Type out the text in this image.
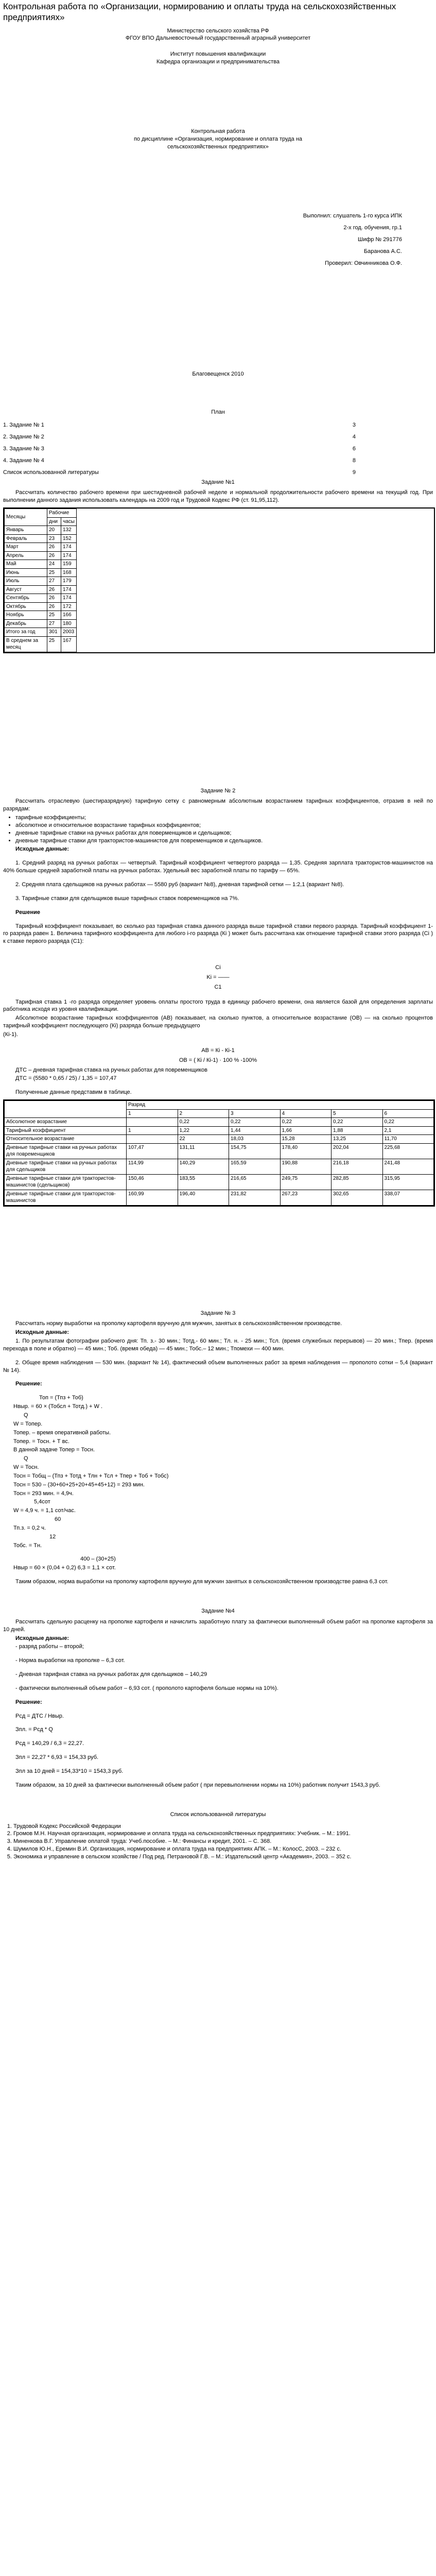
Контрольная работа по «Организации, нормированию и оплаты труда на сельскохозяйственных предприятиях»
Министерство сельского хозяйства РФ
ФГОУ ВПО Дальневосточный государственный аграрный университет
Институт повышения квалификации
Кафедра организации и предпринимательства
Контрольная работа
по дисциплине «Организация, нормирование и оплата труда на
сельскохозяйственных предприятиях»
Выполнил: слушатель 1-го курса ИПК
2-х год. обучения, гр.1
Шифр № 291776
Баранова А.С.
Проверил: Овчинникова О.Ф.
Благовещенск 2010
План
1. Задание № 1	3
2. Задание № 2	4
3. Задание № 3	6
4. Задание № 4	8
Список использованной литературы	9
Задание №1

Рассчитать количество рабочего времени при шестидневной рабочей неделе и нормальной продолжительности рабочего времени на текущий год. При выполнении данного задания использовать календарь на 2009 год и Трудовой Кодекс РФ (ст. 91,95,112).

Месяцы	Рабочие	
	дни	часы
Январь	20	132
Февраль	23	152
Март	26	174
Апрель	26	174
Май	24	159
Июнь	25	168
Июль	27	179
Август	26	174
Сентябрь	26	174
Октябрь	26	172
Ноябрь	25	166
Декабрь	27	180
Итого за год	301	2003
В среднем за месяц	25	167
Задание № 2

Рассчитать отраслевую (шестиразрядную) тарифную сетку с равномерным абсолютным возрастанием тарифных коэффициентов, отразив в ней по разрядам:

• тарифные коэффициенты;
• абсолютное и относительное возрастание тарифных коэффициентов;
• дневные тарифные ставки на ручных работах для поверменщиков и сдельщиков;
• дневные тарифные ставки для трактористов-машинистов для повременщиков и сдельщиков.

Исходные данные:

1. Средний разряд на ручных работах — четвертый. Тарифный коэффициент четвертого разряда — 1,35. Средняя зарплата трактористов-машинистов на 40% больше средней заработной платы на ручных работах. Удельный вес заработной платы по тарифу — 65%.

2. Средняя плата сдельщиков на ручных работах — 5580 руб (вариант №8), дневная тарифной сетки — 1:2,1 (вариант №8).

3. Тарифные ставки для сдельщиков выше тарифных ставок повременщиков на 7%.

Решение

Тарифный коэффициент показывает, во сколько раз тарифная ставка данного разряда выше тарифной ставки первого разряда. Тарифный коэффициент 1-го разряда равен 1. Величина тарифного коэффициента для любого i-го разряда (Кi ) может быть рассчитана как отношение тарифной ставки этого разряда (Сi ) к ставке первого разряда (С1):

Ci
Ki = ——
C1

Тарифная ставка 1 -го разряда определяет уровень оплаты простого труда в единицу рабочего времени, она является базой для определения зарплаты работника исходя из уровня квалификации.

Абсолютное возрастание тарифных коэффициентов (АВ) показывает, на сколько пунктов, а относительное возрастание (ОВ) — на сколько процентов тарифный коэффициент последующего (Кi) разряда больше предыдущего

(Кi-1).

АВ = Кi - Кi-1
ОВ = ( Кi / Кi-1) · 100 % -100%

ДТС – дневная тарифная ставка на ручных работах для повременщиков

ДТС = (5580 * 0,65 / 25) / 1,35 = 107,47

Полученные данные представим в таблице.

	Разряд					
	1	2	3	4	5	6
Абсолютное возрастание		0,22	0,22	0,22	0,22	0,22
Тарифный коэффициент	1	1,22	1,44	1,66	1,88	2,1
Относительное возрастание		22	18,03	15,28	13,25	11,70
Дневные тарифные ставки на ручных работах для повременщиков	107,47	131,11	154,75	178,40	202,04	225,68
Дневные тарифные ставки на ручных работах для сдельщиков	114,99	140,29	165,59	190,88	216,18	241,48
Дневные тарифные ставки для трактористов-машинистов (сдельщиков)	150,46	183,55	216,65	249,75	282,85	315,95
Дневные тарифные ставки для трактористов-машинистов	160,99	196,40	231,82	267,23	302,65	338,07
Задание № 3

Рассчитать норму выработки на прополку картофеля вручную для мужчин, занятых в сельскохозяйственном производстве.

Исходные данные:

1. По результатам фотографии рабочего дня: Тп. з.- 30 мин.; Тотд.- 60 мин.; Тл. н. - 25 мин.; Тсл. (время служебных перерывов) — 20 мин.; Тпер. (время перехода в поле и обратно) — 45 мин.; Тоб. (время обеда) — 45 мин.; Тобс.– 12 мин.; Тпомехи — 400 мин.

2. Общее время наблюдения — 530 мин. (вариант № 14), фактический объем выполненных работ за время наблюдения — прополото сотки – 5,4 (вариант № 14).

Решение:

Топ = (Тпз + Тоб)

Нвыр. = 60 × (Тобсл + Тотд.) + W .

Q

W = Топер.

Топер. – время оперативной работы.

Топер. = Тосн. + Т вс.

В данной задаче Топер = Тосн.

Q

W = Тосн.

Тосн = Тобщ – (Тпз + Тотд + Тлн + Тсл + Тпер + Тоб + Тобс)

Тосн = 530 – (30+60+25+20+45+45+12) = 293 мин.

Тосн = 293 мин. = 4,9ч.

5,4сот

W = 4,9 ч. = 1,1 сот/час.

60

Тп.з. = 0,2 ч.

12

Тобс. = Тн.

400 – (30+25)

Нвыр = 60 × (0,04 + 0,2) 6,3 = 1,1 × сот.

Таким образом, норма выработки на прополку картофеля вручную для мужчин занятых в сельскохозяйственном производстве равна 6,3 сот.

Задание №4

Рассчитать сдельную расценку на прополке картофеля и начислить заработную плату за фактически выполненный объем работ на прополке картофеля за 10 дней.

Исходные данные:

- разряд работы – второй;

- Норма выработки на прополке – 6,3 сот.

- Дневная тарифная ставка на ручных работах для сдельщиков – 140,29

- фактически выполненный объем работ – 6,93 сот. ( прополото картофеля больше нормы на 10%).

Решение:

Рсд = ДТС / Нвыр.

Зпл. = Рсд * Q

Рсд = 140,29 / 6,3 = 22,27.

Зпл = 22,27 * 6,93 = 154,33 руб.

Зпл за 10 дней = 154,33*10 = 1543,3 руб.

Таким образом, за 10 дней за фактически выполненный объем работ ( при перевыполнении нормы на 10%) работник получит 1543,3 руб.

Список использованной литературы
1. Трудовой Кодекс Российской Федерации
2. Громов М.Н. Научная организация, нормирование и оплата труда на сельскохозяйственных предприятиях: Учебник. – М.: 1991.
3. Миненкова В.Г. Управление оплатой труда: Учеб.пособие. – М.: Финансы и кредит, 2001. – С. 368.
4. Шумилов Ю.Н., Еремин В.И. Организация, нормирование и оплата труда на предприятиях АПК. – М.: КолосС, 2003. – 232 с.
5. Экономика и управление в сельском хозяйстве / Под ред. Петрановой Г.В. – М.: Издательский центр «Академия», 2003. – 352 с.
